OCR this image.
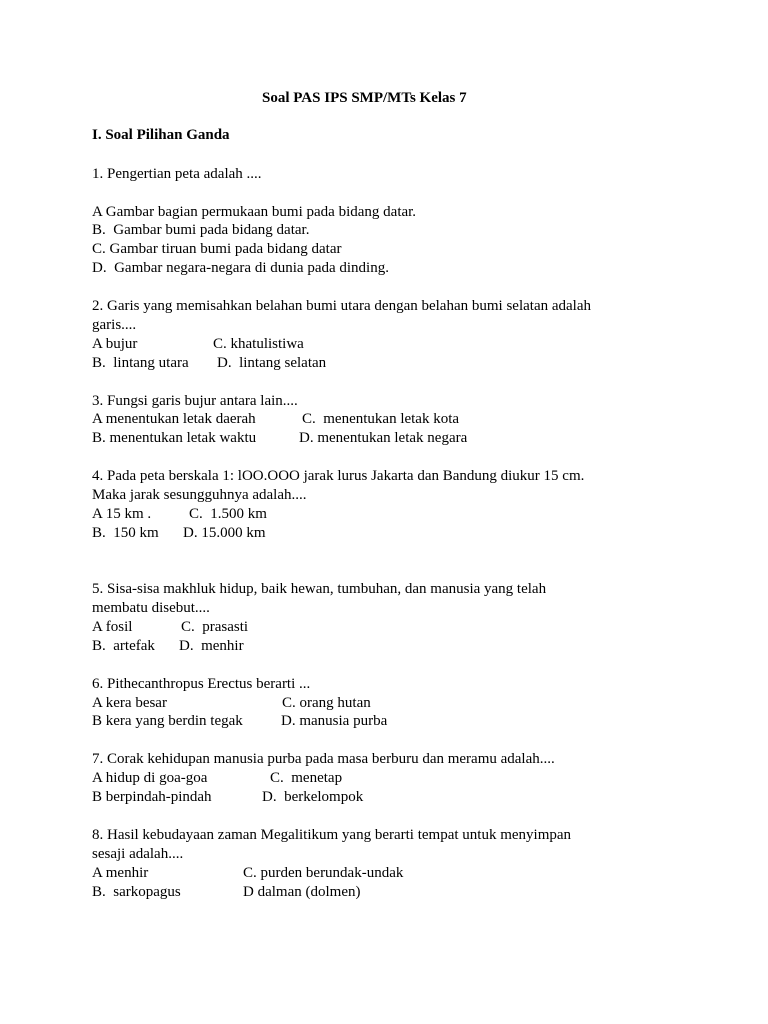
Soal PAS IPS SMP/MTs Kelas 7
I. Soal Pilihan Ganda
1. Pengertian peta adalah ....
A Gambar bagian permukaan bumi pada bidang datar.
B.  Gambar bumi pada bidang datar.
C. Gambar tiruan bumi pada bidang datar
D.  Gambar negara-negara di dunia pada dinding.
2. Garis yang memisahkan belahan bumi utara dengan belahan bumi selatan adalah
garis....
A bujur	C. khatulistiwa
B.  lintang utara D.  lintang selatan
3. Fungsi garis bujur antara lain....
A menentukan letak daerah	C.  menentukan letak kota
B. menentukan letak waktu	D. menentukan letak negara
4. Pada peta berskala 1: lOO.OOO jarak lurus Jakarta dan Bandung diukur 15 cm.
Maka jarak sesungguhnya adalah....
A 15 km .	C.  1.500 km
B.  150 km D. 15.000 km
5. Sisa-sisa makhluk hidup, baik hewan, tumbuhan, dan manusia yang telah
membatu disebut....
A fosil	C.  prasasti
B.  artefak D.  menhir
6. Pithecanthropus Erectus berarti ...
A kera besar	C. orang hutan
B kera yang berdin tegak	D. manusia purba
7. Corak kehidupan manusia purba pada masa berburu dan meramu adalah....
A hidup di goa-goa	C.  menetap
B berpindah-pindah	D.  berkelompok
8. Hasil kebudayaan zaman Megalitikum yang berarti tempat untuk menyimpan
sesaji adalah....
A menhir	C. purden berundak-undak
B.  sarkopagus	D dalman (dolmen)
